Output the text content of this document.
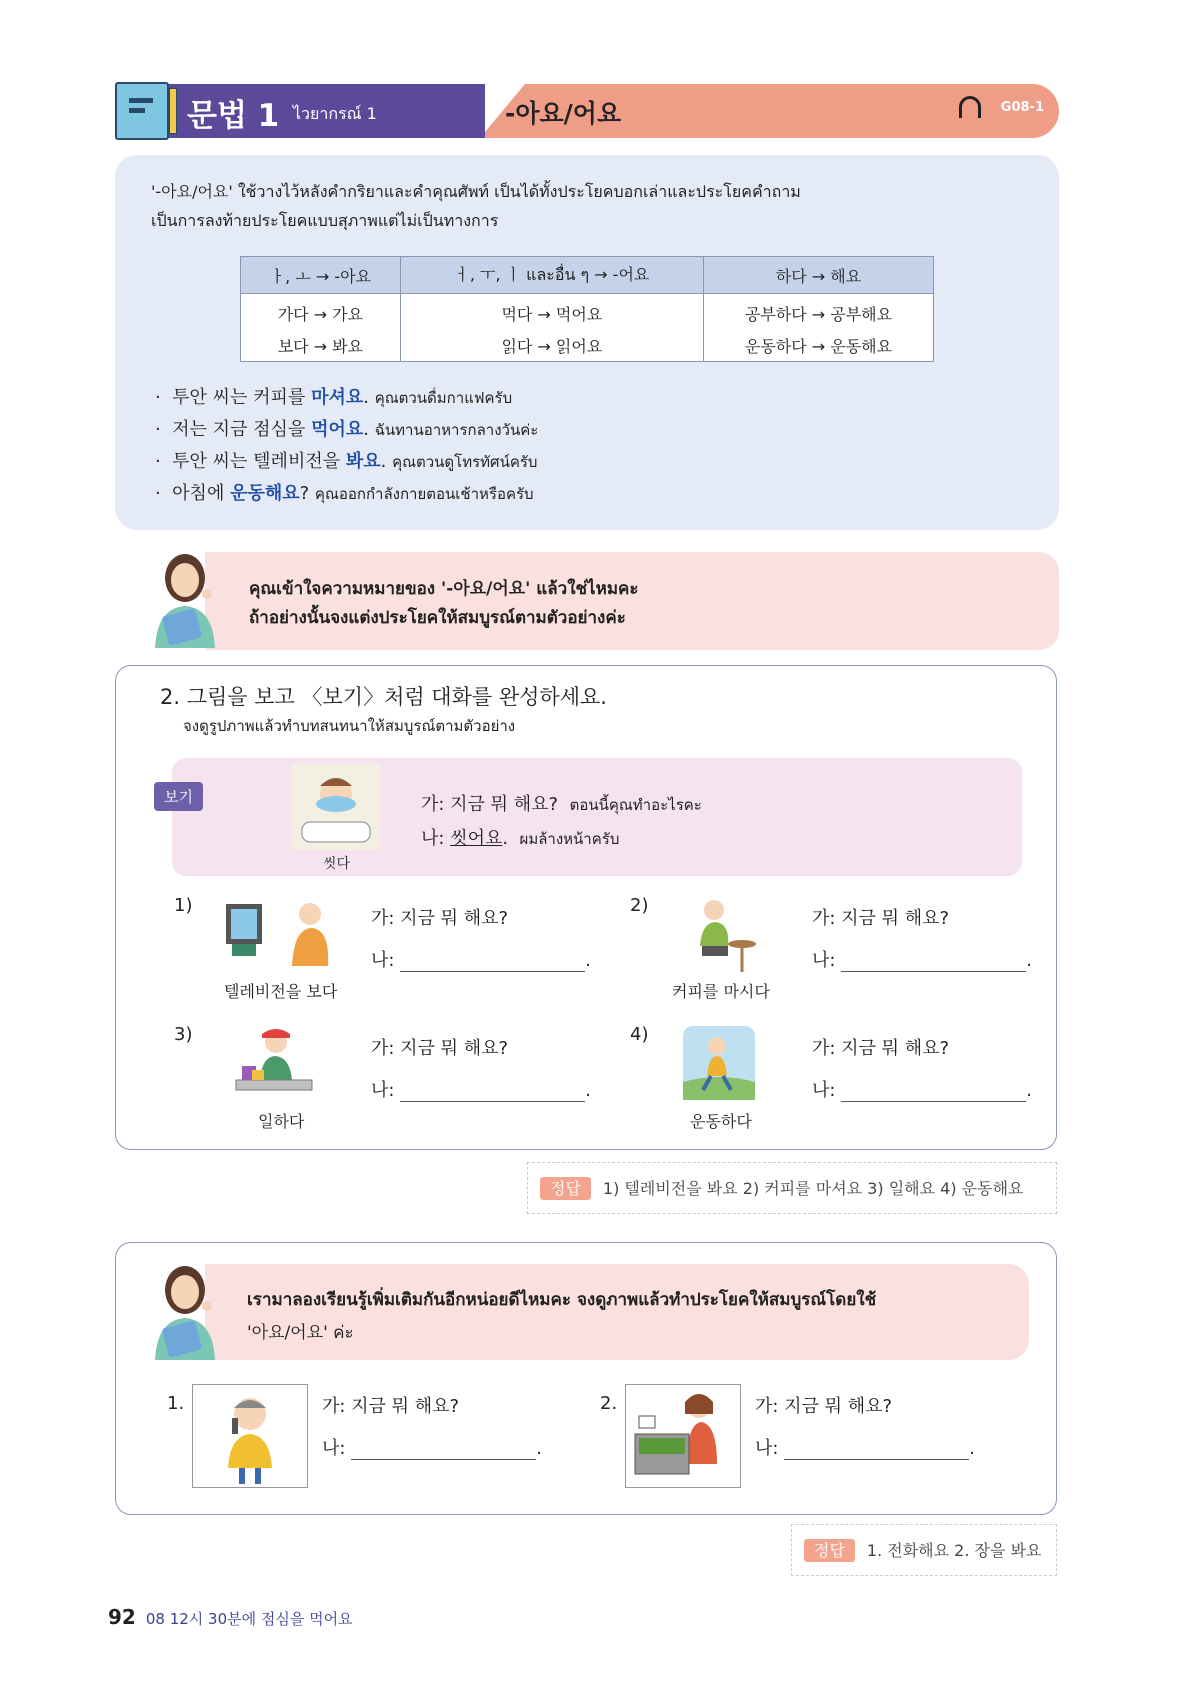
문법 1 ไวยากรณ์ 1	-아요/어요	G08-1
'-아요/어요' ใช้วางไว้หลังคำกริยาและคำคุณศัพท์ เป็นได้ทั้งประโยคบอกเล่าและประโยคคำถาม
เป็นการลงท้ายประโยคแบบสุภาพแต่ไม่เป็นทางการ
ㅏ, ㅗ → -아요	ㅓ, ㅜ, ㅣ และอื่น ๆ → -어요	하다 → 해요
가다 → 가요	먹다 → 먹어요	공부하다 → 공부해요
보다 → 봐요	읽다 → 읽어요	운동하다 → 운동해요
·  투안 씨는 커피를 마셔요. คุณตวนดื่มกาแฟครับ
·  저는 지금 점심을 먹어요. ฉันทานอาหารกลางวันค่ะ
·  투안 씨는 텔레비전을 봐요. คุณตวนดูโทรทัศน์ครับ
·  아침에 운동해요? คุณออกกำลังกายตอนเช้าหรือครับ
คุณเข้าใจความหมายของ '-아요/어요' แล้วใช่ไหมคะ
ถ้าอย่างนั้นจงแต่งประโยคให้สมบูรณ์ตามตัวอย่างค่ะ
2. 그림을 보고 〈보기〉처럼 대화를 완성하세요.
จงดูรูปภาพแล้วทำบทสนทนาให้สมบูรณ์ตามตัวอย่าง
보기
씻다
가: 지금 뭐 해요? ตอนนี้คุณทำอะไรคะ
나: 씻어요. ผมล้างหน้าครับ
1)
텔레비전을 보다
가: 지금 뭐 해요?
나:	.
2)
커피를 마시다
가: 지금 뭐 해요?
나:	.
3)
일하다
가: 지금 뭐 해요?
나:	.
4)
운동하다
가: 지금 뭐 해요?
나:	.
정답 1) 텔레비전을 봐요 2) 커피를 마셔요 3) 일해요 4) 운동해요
เรามาลองเรียนรู้เพิ่มเติมกันอีกหน่อยดีไหมคะ จงดูภาพแล้วทำประโยคให้สมบูรณ์โดยใช้
'아요/어요' ค่ะ
1.	가: 지금 뭐 해요?
나:	.
2.	가: 지금 뭐 해요?
나:	.
정답 1. 전화해요 2. 장을 봐요
92 08 12시 30분에 점심을 먹어요
